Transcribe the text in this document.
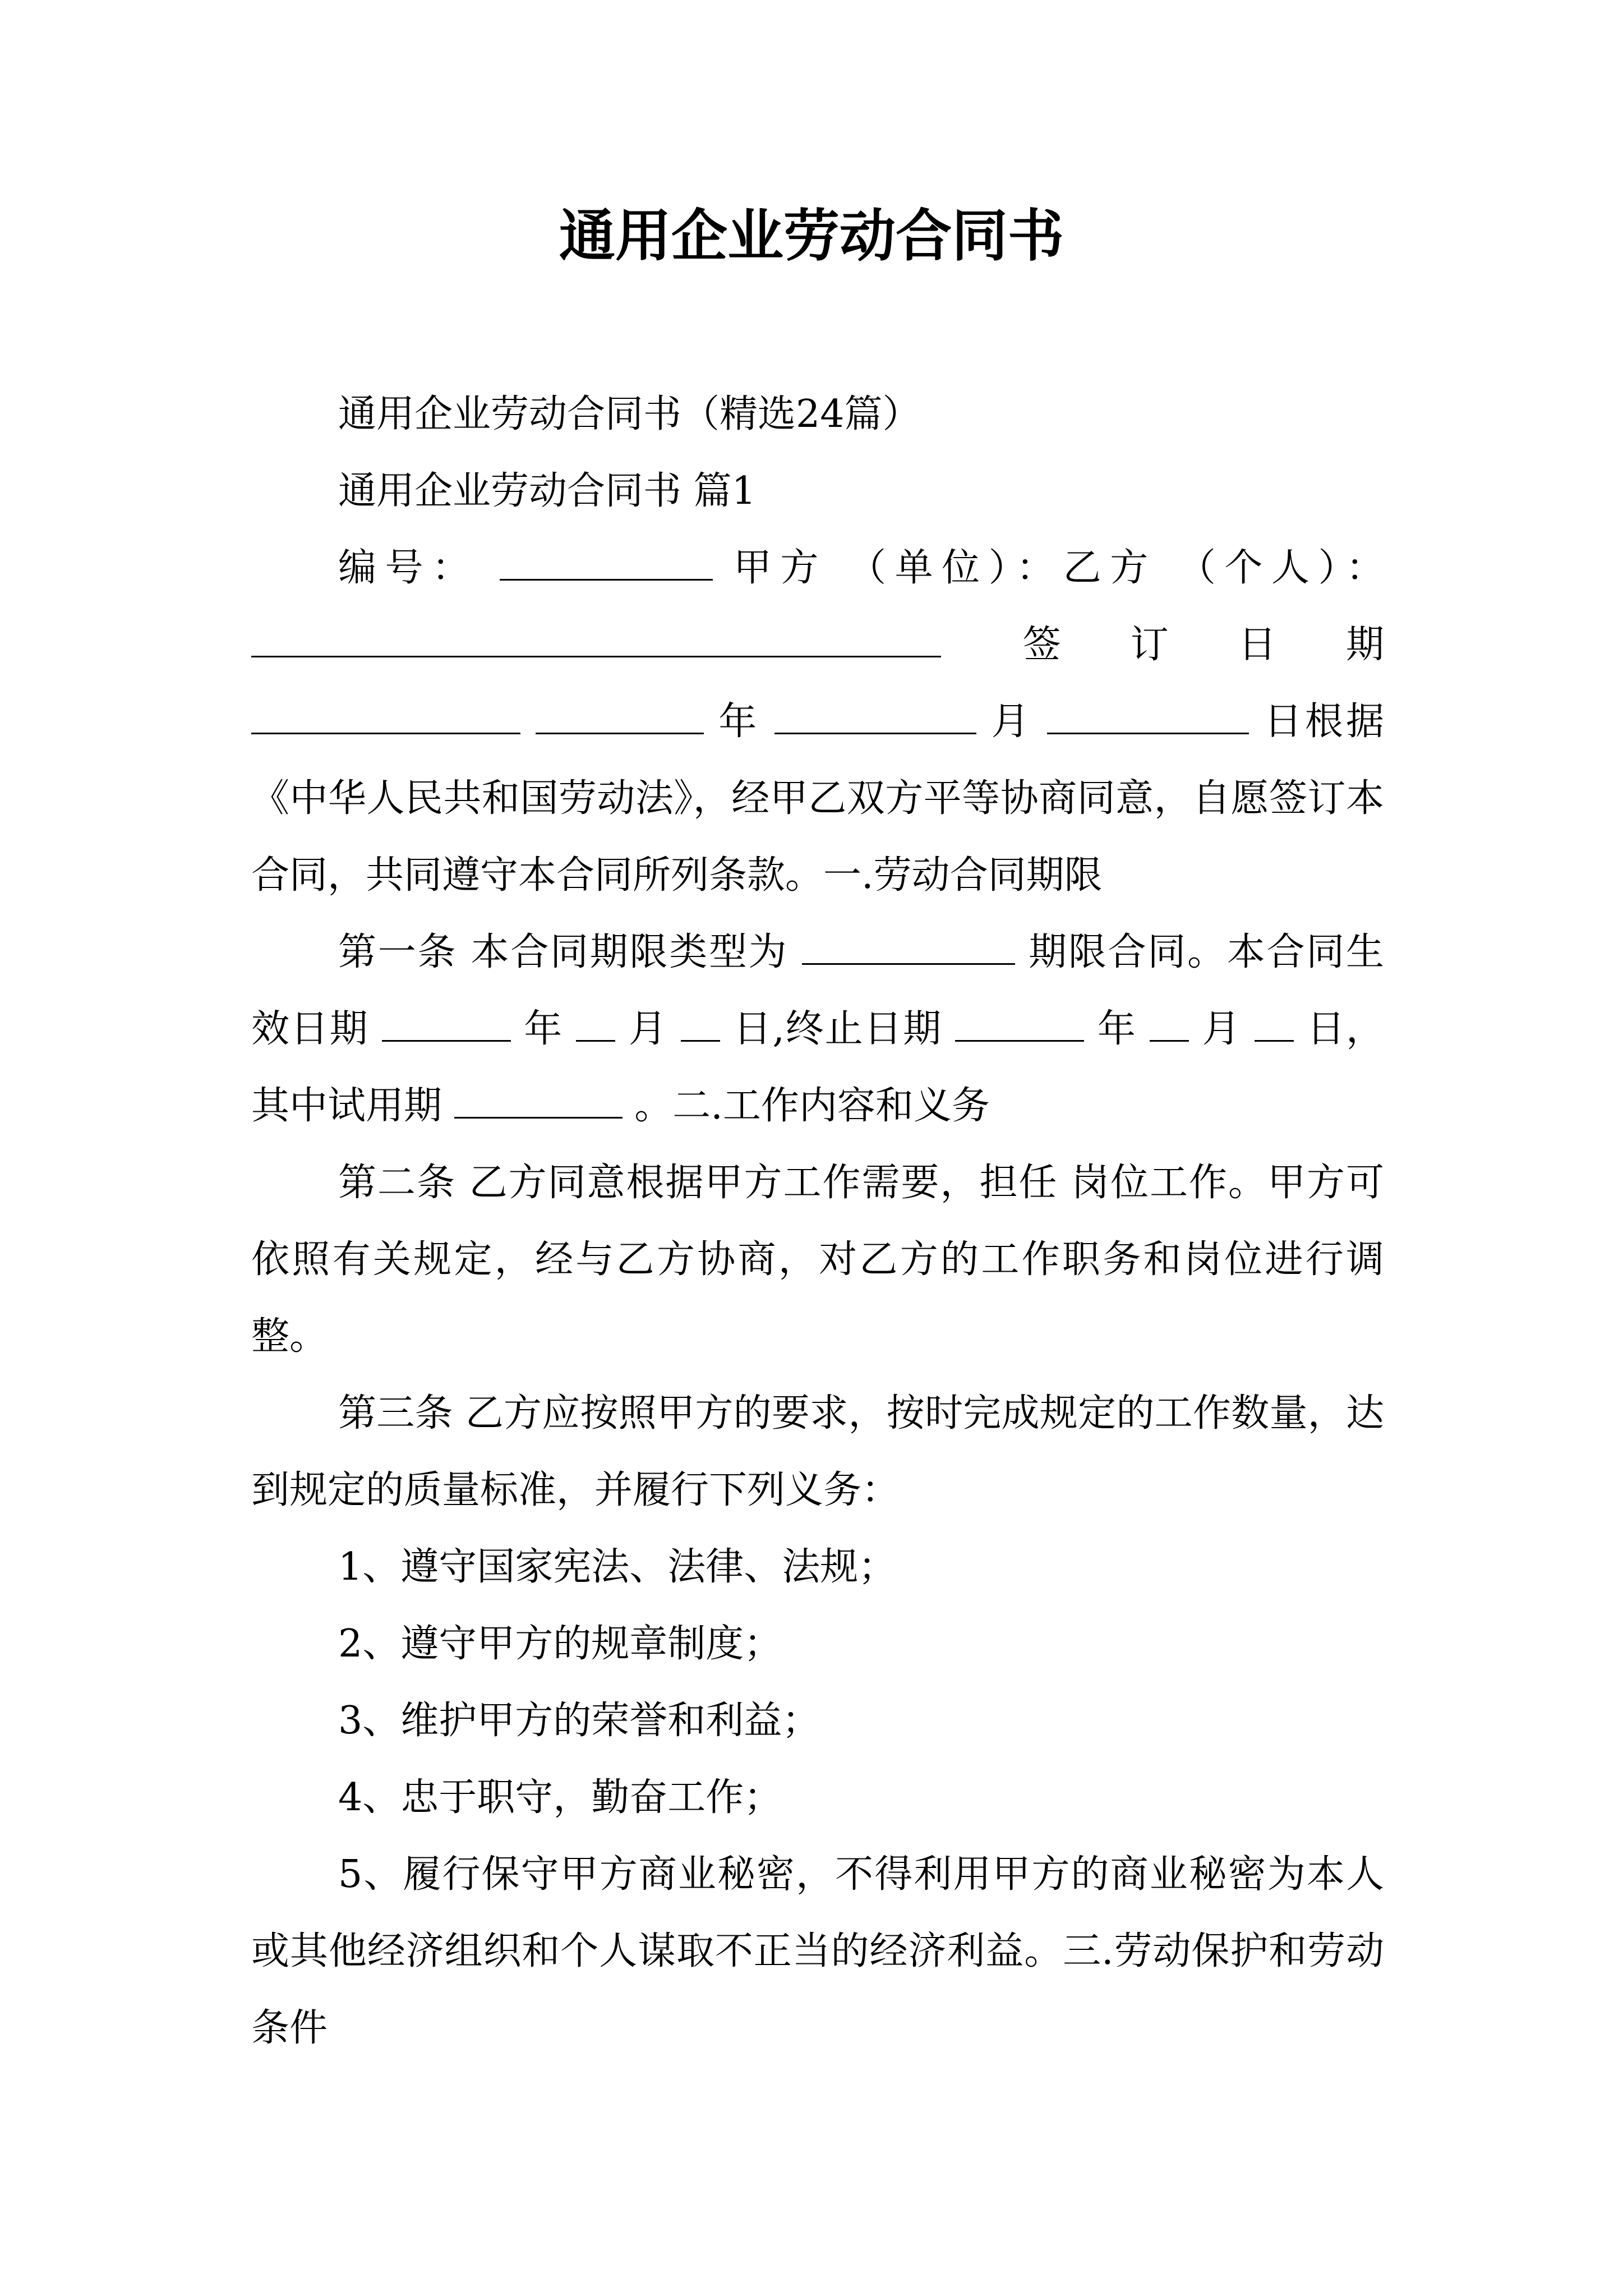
通用企业劳动合同书

通用企业劳动合同书（精选24篇）

通用企业劳动合同书 篇1

编号：	甲方 （单位）：乙方 （个人）：  签订日期   年	月	日根据《中华人民共和国劳动法》，经甲乙双方平等协商同意，自愿签订本合同，共同遵守本合同所列条款。一.劳动合同期限

第一条 本合同期限类型为	期限合同。本合同生效日期	年 月 日,终止日期	年 月 日，其中试用期	。二.工作内容和义务

第二条 乙方同意根据甲方工作需要，担任 岗位工作。甲方可依照有关规定，经与乙方协商，对乙方的工作职务和岗位进行调整。

第三条 乙方应按照甲方的要求，按时完成规定的工作数量，达到规定的质量标准，并履行下列义务：

1、遵守国家宪法、法律、法规；

2、遵守甲方的规章制度；

3、维护甲方的荣誉和利益；

4、忠于职守，勤奋工作；

5、履行保守甲方商业秘密，不得利用甲方的商业秘密为本人或其他经济组织和个人谋取不正当的经济利益。三.劳动保护和劳动条件
